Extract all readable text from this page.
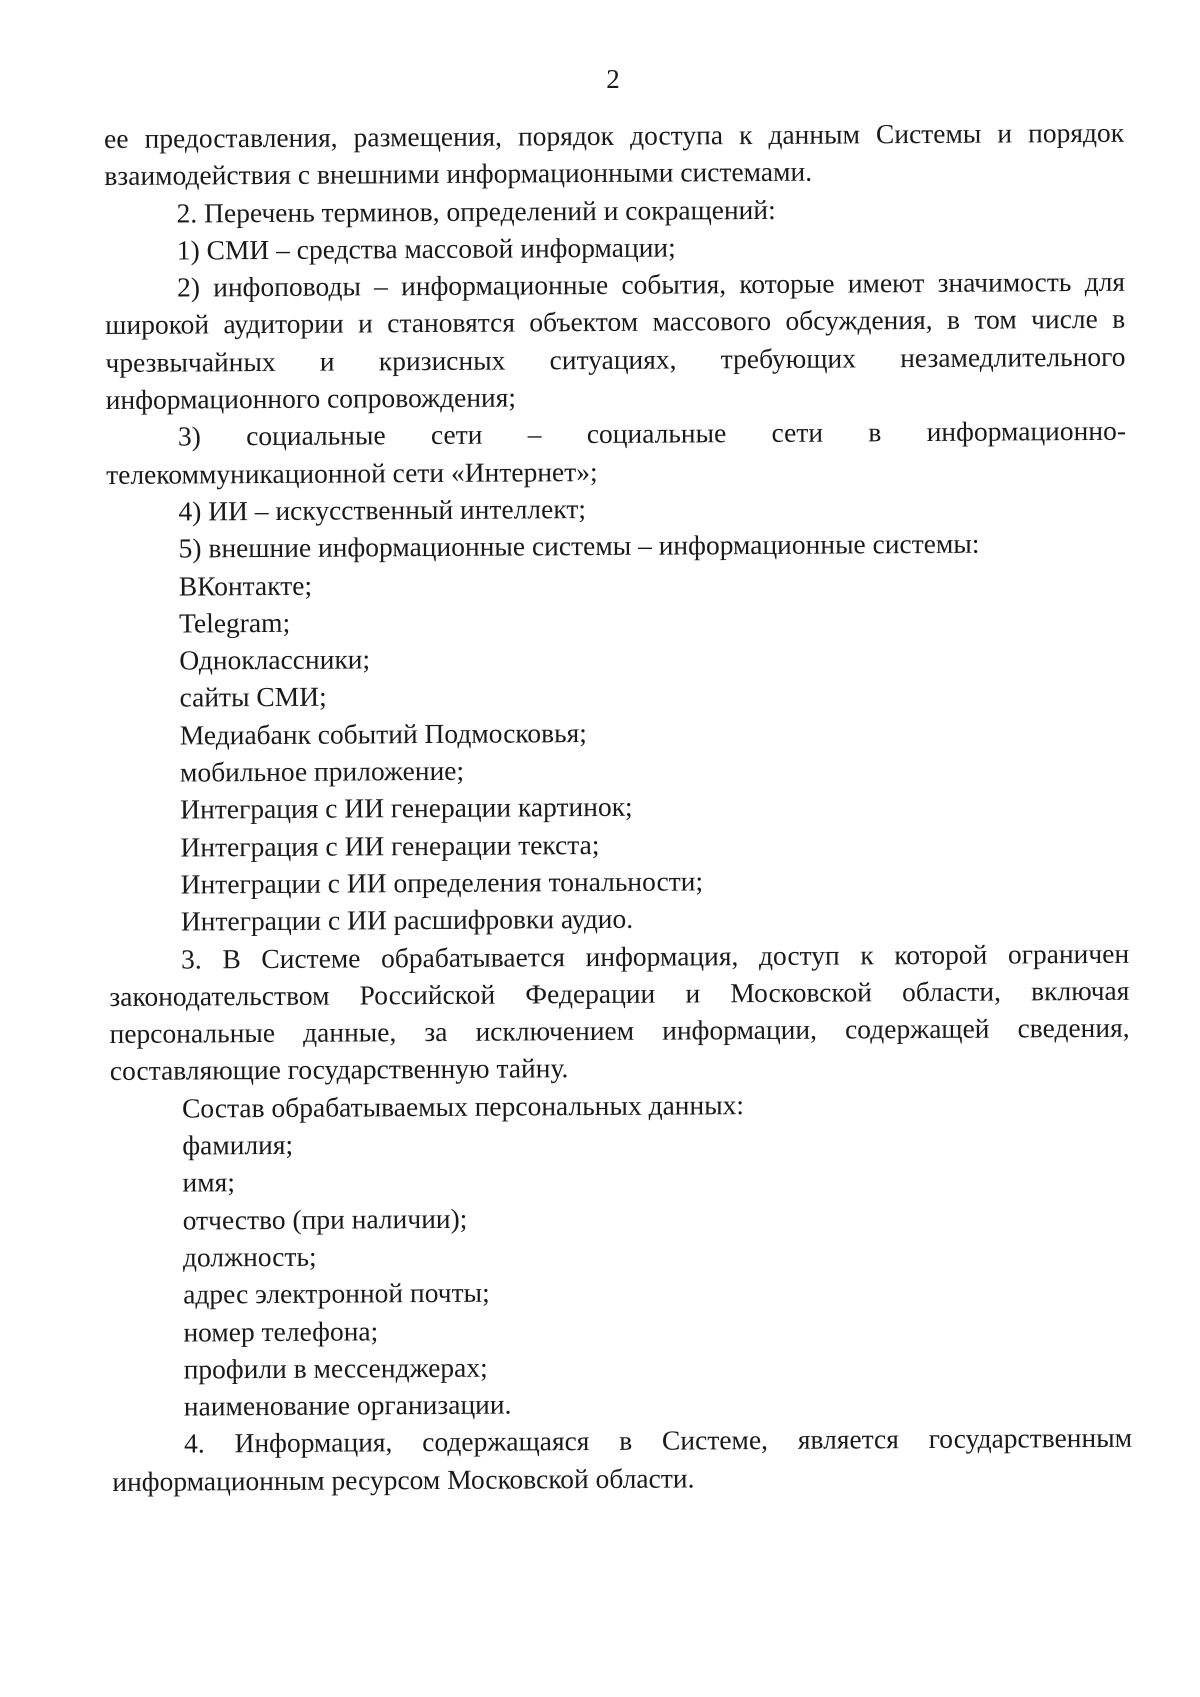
2

ее предоставления, размещения, порядок доступа к данным Системы и порядок взаимодействия с внешними информационными системами.

2. Перечень терминов, определений и сокращений:

1) СМИ – средства массовой информации;

2) инфоповоды – информационные события, которые имеют значимость для широкой аудитории и становятся объектом массового обсуждения, в том числе в чрезвычайных и кризисных ситуациях, требующих незамедлительного информационного сопровождения;

3) социальные сети – социальные сети в информационно-телекоммуникационной сети «Интернет»;

4) ИИ – искусственный интеллект;

5) внешние информационные системы – информационные системы:

ВКонтакте;

Telegram;

Одноклассники;

сайты СМИ;

Медиабанк событий Подмосковья;

мобильное приложение;

Интеграция с ИИ генерации картинок;

Интеграция с ИИ генерации текста;

Интеграции с ИИ определения тональности;

Интеграции с ИИ расшифровки аудио.

3. В Системе обрабатывается информация, доступ к которой ограничен законодательством Российской Федерации и Московской области, включая персональные данные, за исключением информации, содержащей сведения, составляющие государственную тайну.

Состав обрабатываемых персональных данных:

фамилия;

имя;

отчество (при наличии);

должность;

адрес электронной почты;

номер телефона;

профили в мессенджерах;

наименование организации.

4. Информация, содержащаяся в Системе, является государственным информационным ресурсом Московской области.
